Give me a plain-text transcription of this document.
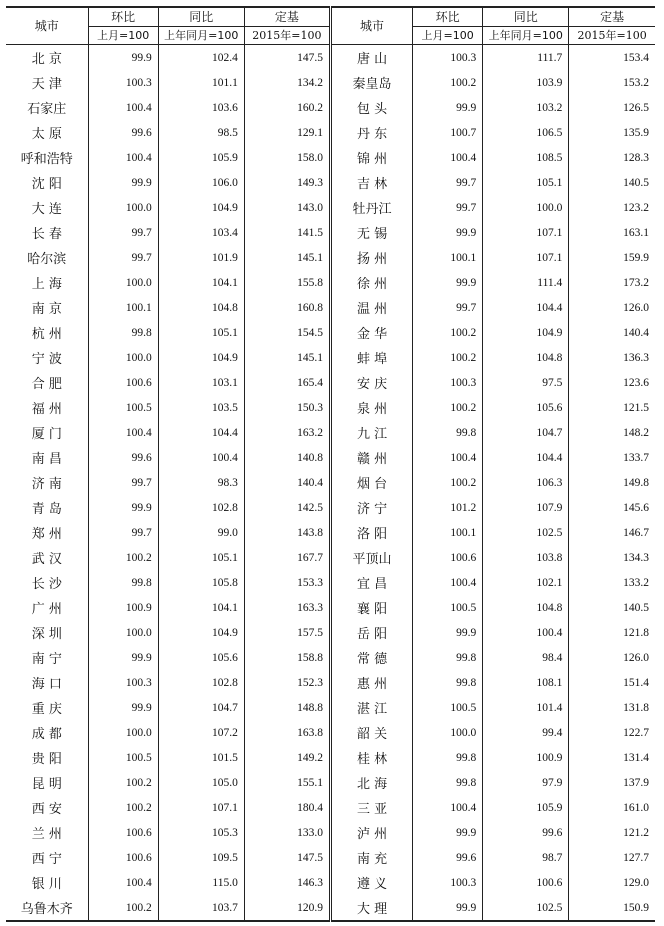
城市	环比	同比	定基	城市	环比	同比	定基
	上月=100	上年同月=100	2015年=100		上月=100	上年同月=100	2015年=100
北 京	99.9	102.4	147.5	唐 山	100.3	111.7	153.4
天 津	100.3	101.1	134.2	秦皇岛	100.2	103.9	153.2
石家庄	100.4	103.6	160.2	包 头	99.9	103.2	126.5
太 原	99.6	98.5	129.1	丹 东	100.7	106.5	135.9
呼和浩特	100.4	105.9	158.0	锦 州	100.4	108.5	128.3
沈 阳	99.9	106.0	149.3	吉 林	99.7	105.1	140.5
大 连	100.0	104.9	143.0	牡丹江	99.7	100.0	123.2
长 春	99.7	103.4	141.5	无 锡	99.9	107.1	163.1
哈尔滨	99.7	101.9	145.1	扬 州	100.1	107.1	159.9
上 海	100.0	104.1	155.8	徐 州	99.9	111.4	173.2
南 京	100.1	104.8	160.8	温 州	99.7	104.4	126.0
杭 州	99.8	105.1	154.5	金 华	100.2	104.9	140.4
宁 波	100.0	104.9	145.1	蚌 埠	100.2	104.8	136.3
合 肥	100.6	103.1	165.4	安 庆	100.3	97.5	123.6
福 州	100.5	103.5	150.3	泉 州	100.2	105.6	121.5
厦 门	100.4	104.4	163.2	九 江	99.8	104.7	148.2
南 昌	99.6	100.4	140.8	赣 州	100.4	104.4	133.7
济 南	99.7	98.3	140.4	烟 台	100.2	106.3	149.8
青 岛	99.9	102.8	142.5	济 宁	101.2	107.9	145.6
郑 州	99.7	99.0	143.8	洛 阳	100.1	102.5	146.7
武 汉	100.2	105.1	167.7	平顶山	100.6	103.8	134.3
长 沙	99.8	105.8	153.3	宜 昌	100.4	102.1	133.2
广 州	100.9	104.1	163.3	襄 阳	100.5	104.8	140.5
深 圳	100.0	104.9	157.5	岳 阳	99.9	100.4	121.8
南 宁	99.9	105.6	158.8	常 德	99.8	98.4	126.0
海 口	100.3	102.8	152.3	惠 州	99.8	108.1	151.4
重 庆	99.9	104.7	148.8	湛 江	100.5	101.4	131.8
成 都	100.0	107.2	163.8	韶 关	100.0	99.4	122.7
贵 阳	100.5	101.5	149.2	桂 林	99.8	100.9	131.4
昆 明	100.2	105.0	155.1	北 海	99.8	97.9	137.9
西 安	100.2	107.1	180.4	三 亚	100.4	105.9	161.0
兰 州	100.6	105.3	133.0	泸 州	99.9	99.6	121.2
西 宁	100.6	109.5	147.5	南 充	99.6	98.7	127.7
银 川	100.4	115.0	146.3	遵 义	100.3	100.6	129.0
乌鲁木齐	100.2	103.7	120.9	大 理	99.9	102.5	150.9
